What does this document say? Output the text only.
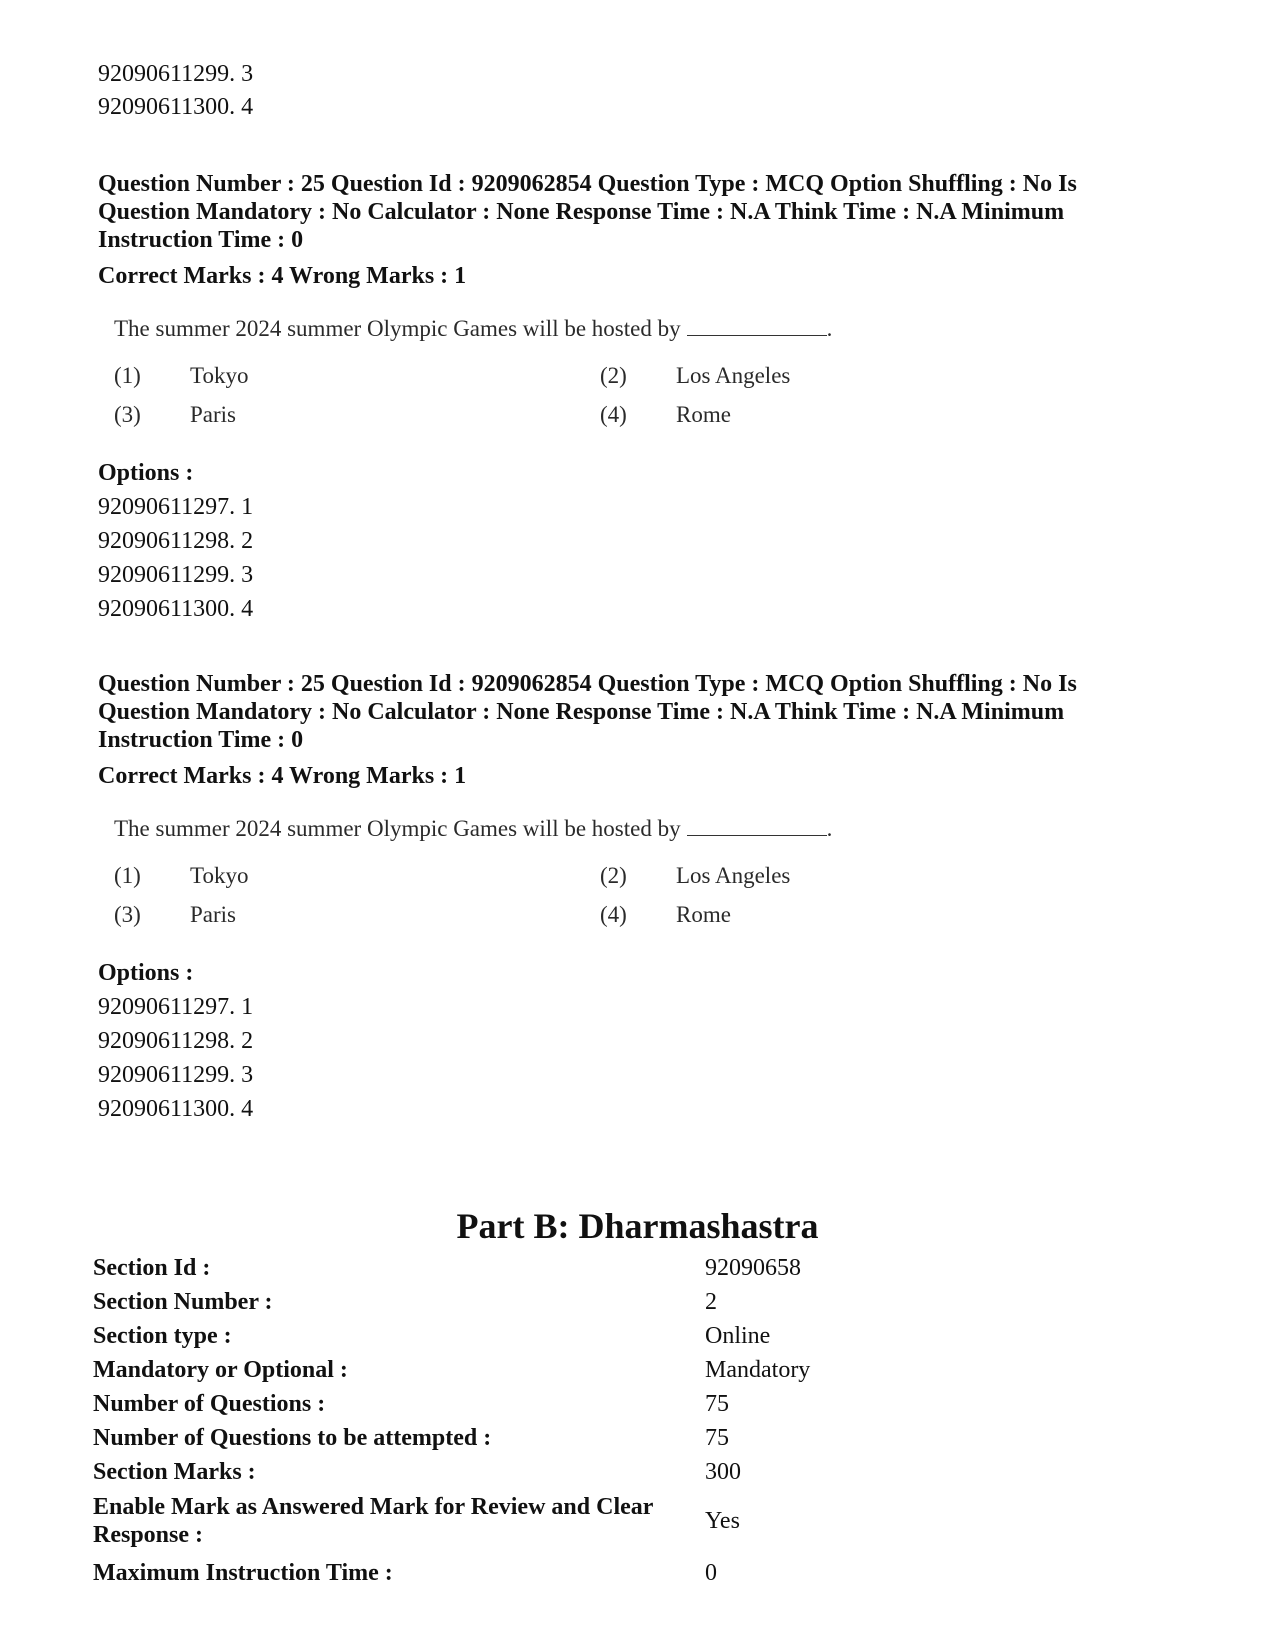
92090611299. 3
92090611300. 4
Question Number : 25 Question Id : 9209062854 Question Type : MCQ Option Shuffling : No Is
Question Mandatory : No Calculator : None Response Time : N.A Think Time : N.A Minimum
Instruction Time : 0
Correct Marks : 4 Wrong Marks : 1
The summer 2024 summer Olympic Games will be hosted by	.
(1) Tokyo	(2) Los Angeles
(3) Paris	(4) Rome
Options :
92090611297. 1
92090611298. 2
92090611299. 3
92090611300. 4
Question Number : 25 Question Id : 9209062854 Question Type : MCQ Option Shuffling : No Is
Question Mandatory : No Calculator : None Response Time : N.A Think Time : N.A Minimum
Instruction Time : 0
Correct Marks : 4 Wrong Marks : 1
The summer 2024 summer Olympic Games will be hosted by	.
(1) Tokyo	(2) Los Angeles
(3) Paris	(4) Rome
Options :
92090611297. 1
92090611298. 2
92090611299. 3
92090611300. 4
Part B: Dharmashastra
Section Id :	92090658
Section Number :	2
Section type :	Online
Mandatory or Optional :	Mandatory
Number of Questions :	75
Number of Questions to be attempted :	75
Section Marks :	300
Enable Mark as Answered Mark for Review and Clear
Response :
Yes
Maximum Instruction Time :	0
